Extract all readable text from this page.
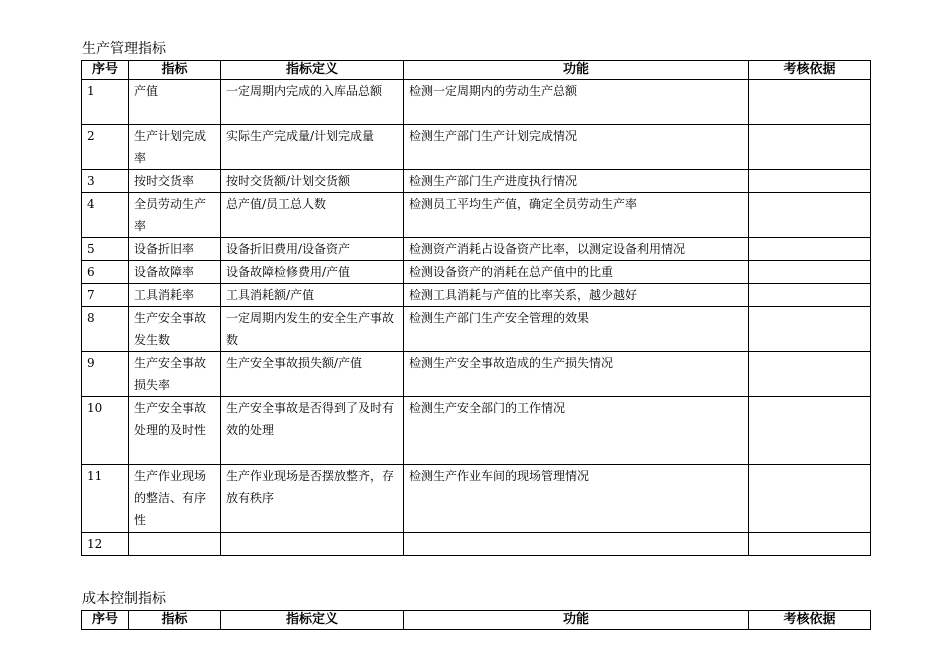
生产管理指标
序号	指标	指标定义	功能	考核依据
1	产值	一定周期内完成的入库品总额	检测一定周期内的劳动生产总额	
2	生产计划完成率	实际生产完成量/计划完成量	检测生产部门生产计划完成情况	
3	按时交货率	按时交货额/计划交货额	检测生产部门生产进度执行情况	
4	全员劳动生产率	总产值/员工总人数	检测员工平均生产值，确定全员劳动生产率	
5	设备折旧率	设备折旧费用/设备资产	检测资产消耗占设备资产比率，以测定设备利用情况	
6	设备故障率	设备故障检修费用/产值	检测设备资产的消耗在总产值中的比重	
7	工具消耗率	工具消耗额/产值	检测工具消耗与产值的比率关系，越少越好	
8	生产安全事故发生数	一定周期内发生的安全生产事故数	检测生产部门生产安全管理的效果	
9	生产安全事故损失率	生产安全事故损失额/产值	检测生产安全事故造成的生产损失情况	
10	生产安全事故处理的及时性	生产安全事故是否得到了及时有效的处理	检测生产安全部门的工作情况	
11	生产作业现场的整洁、有序性	生产作业现场是否摆放整齐，存放有秩序	检测生产作业车间的现场管理情况	
12				
成本控制指标
序号	指标	指标定义	功能	考核依据
